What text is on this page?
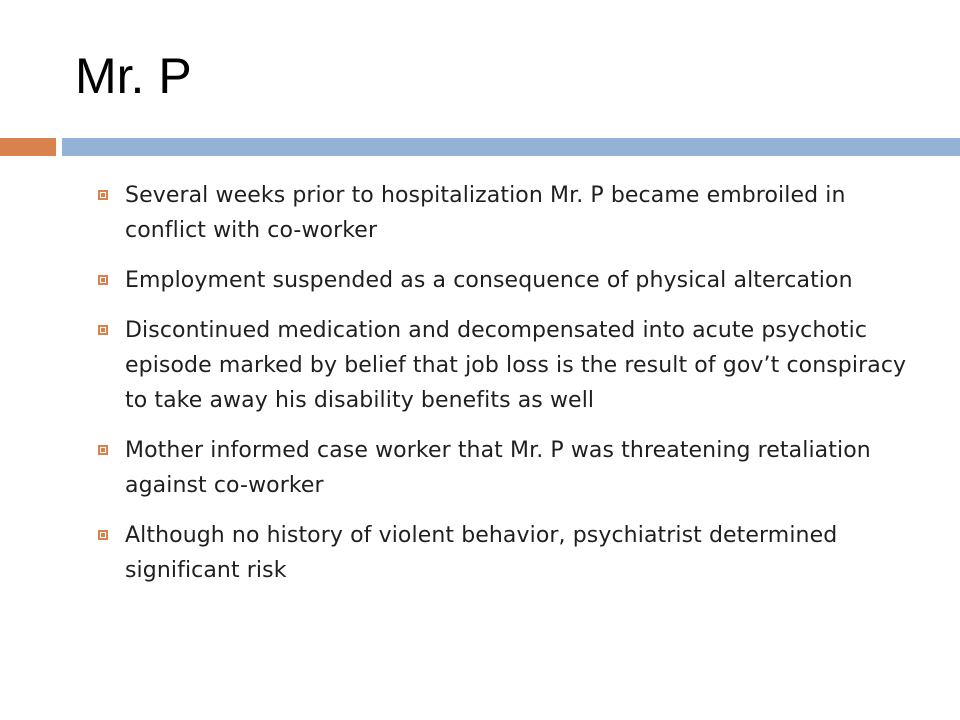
Mr. P
Several weeks prior to hospitalization Mr. P became embroiled in conflict with co-worker
Employment suspended as a consequence of physical altercation
Discontinued medication and decompensated into acute psychotic episode marked by belief that job loss is the result of gov’t conspiracy to take away his disability benefits as well
Mother informed case worker that Mr. P was threatening retaliation against co-worker
Although no history of violent behavior, psychiatrist determined significant risk
